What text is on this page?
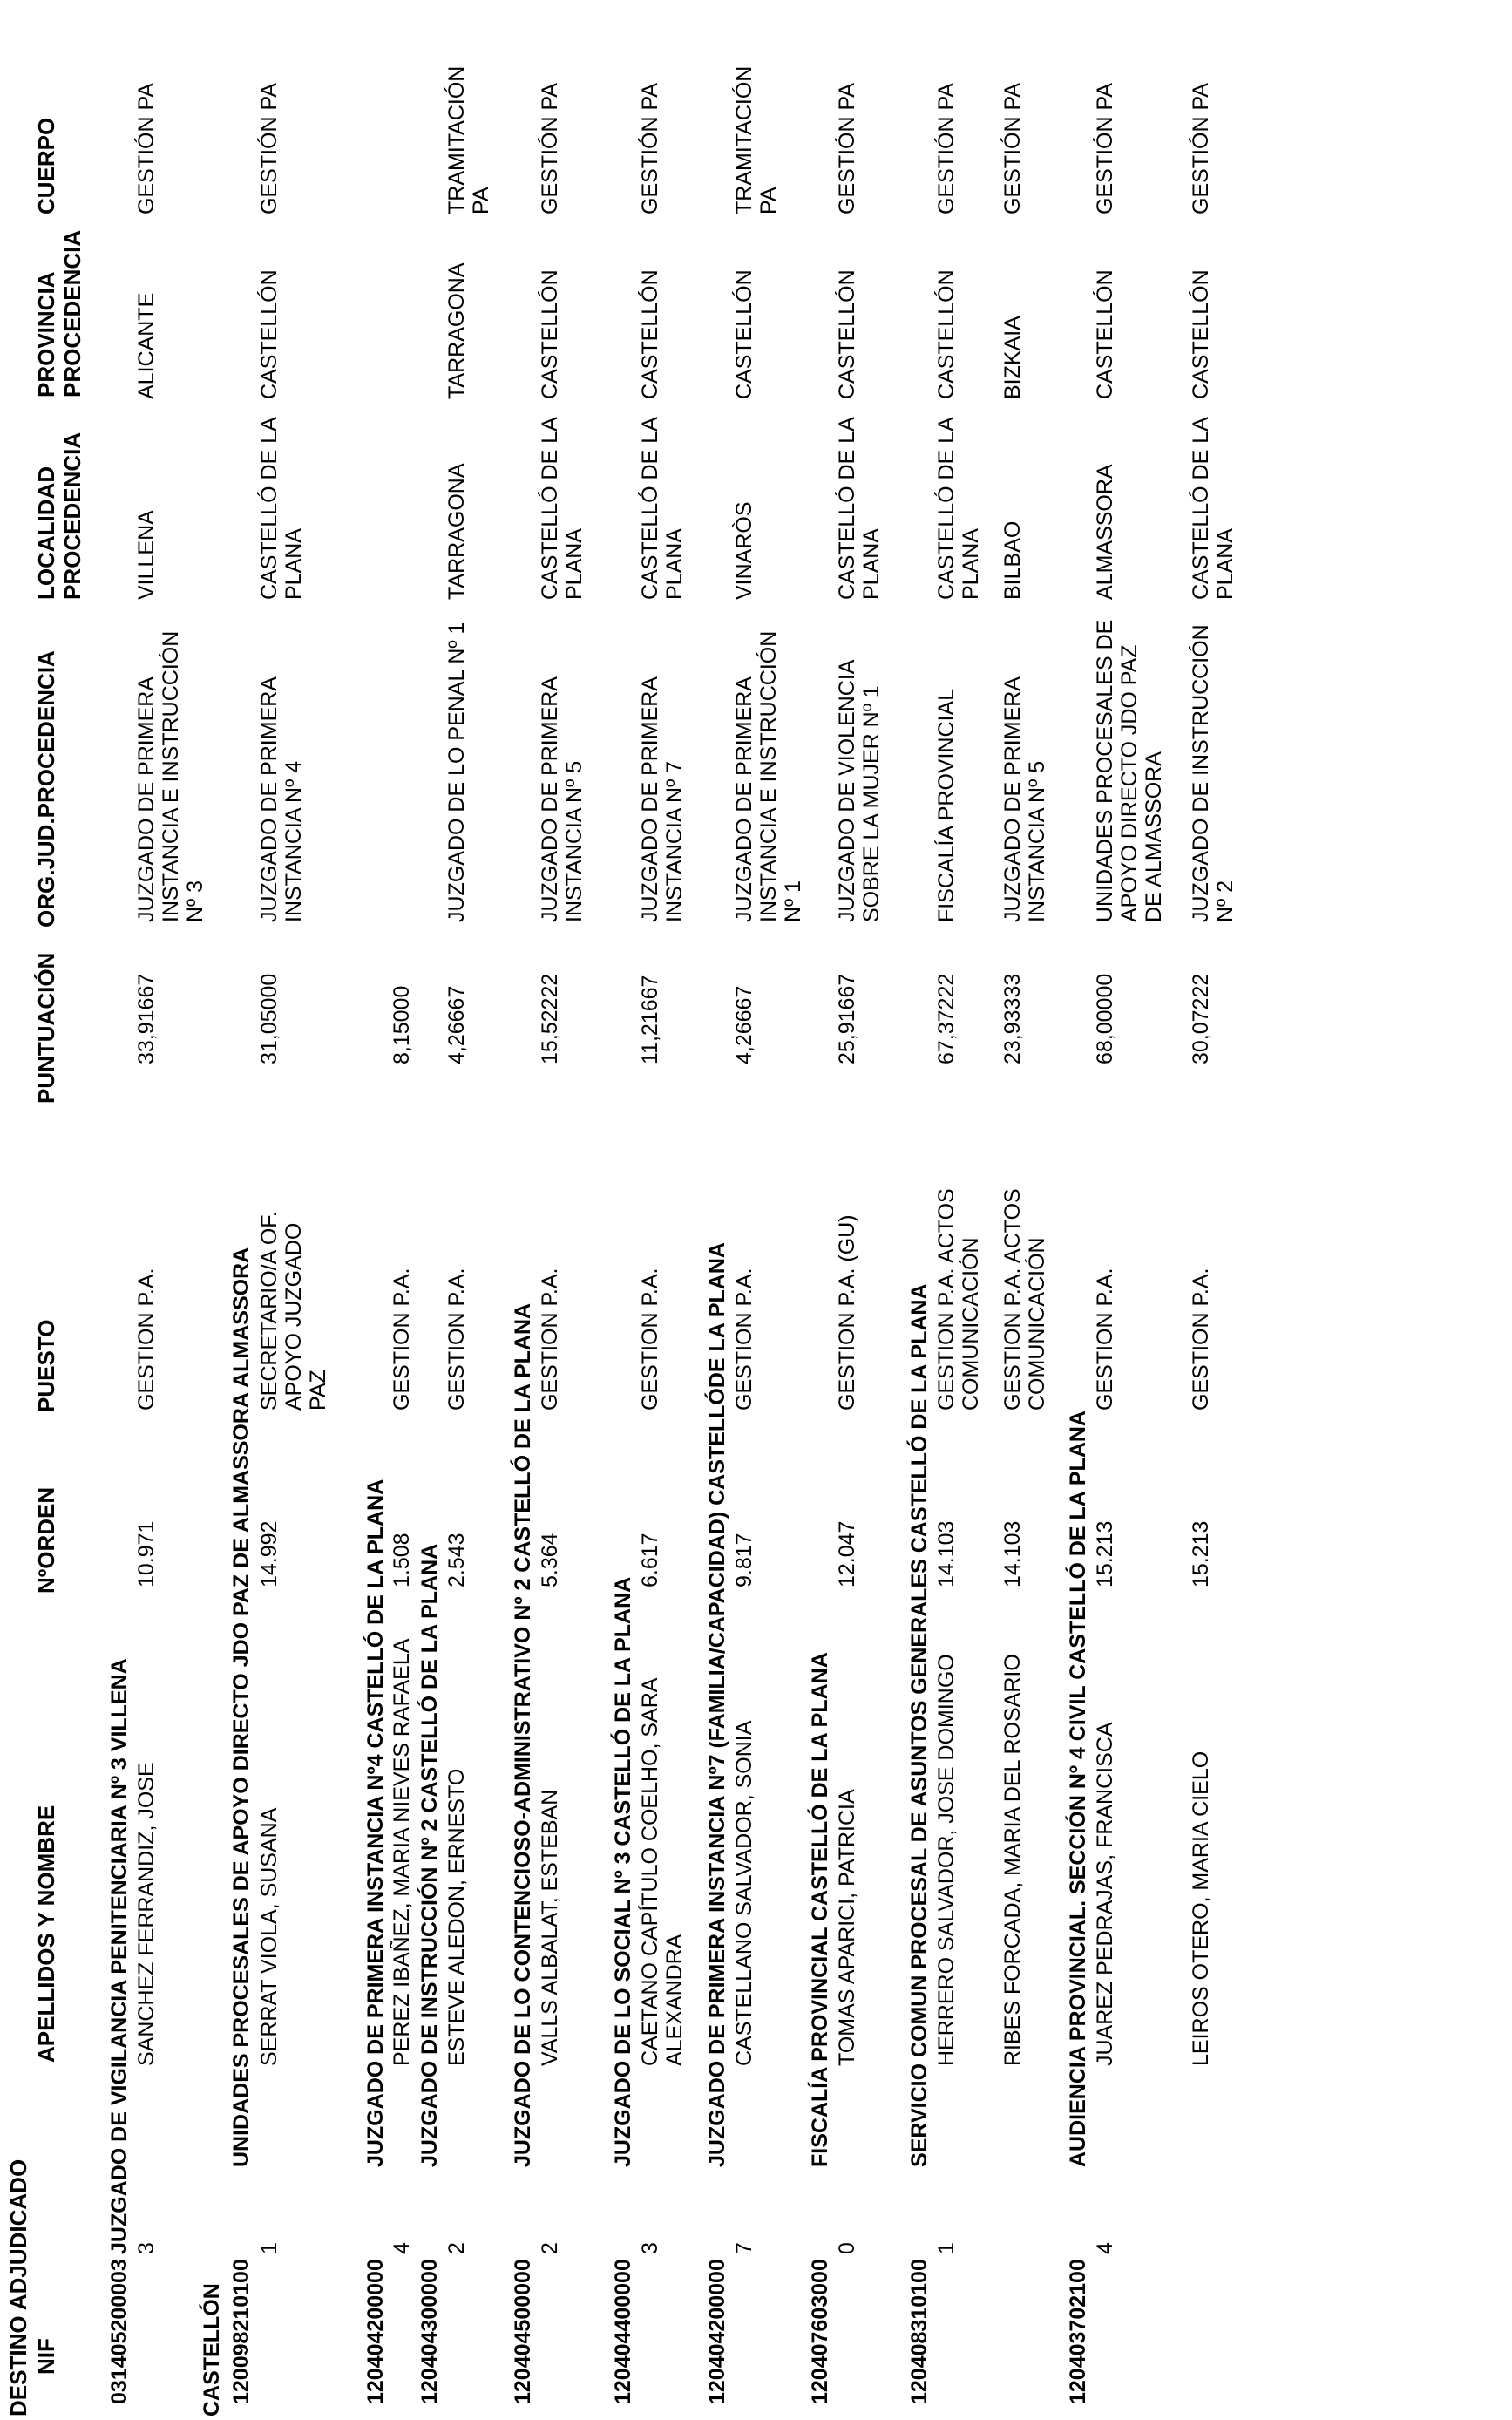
DESTINO ADJUDICADO NIF
APELLIDOS Y NOMBRE
NºORDEN
PUESTO
PUNTUACIÓN
ORG.JUD.PROCEDENCIA
LOCALIDAD PROCEDENCIA
PROVINCIA PROCEDENCIA
CUERPO
031405200003
JUZGADO DE VIGILANCIA PENITENCIARIA Nº 3 VILLENA 3
SANCHEZ FERRANDIZ, JOSE
10.971
GESTION P.A.
33,91667
JUZGADO DE PRIMERA INSTANCIA E INSTRUCCIÓN Nº 3
VILLENA
ALICANTE
GESTIÓN PA
CASTELLÓN 120098210100
UNIDADES PROCESALES DE APOYO DIRECTO JDO PAZ DE ALMASSORA ALMASSORA
1
SERRAT VIOLA, SUSANA
14.992
SECRETARIO/A OF. APOYO JUZGADO PAZ
31,05000
JUZGADO DE PRIMERA INSTANCIA Nº 4
CASTELLÓ DE LA PLANA
CASTELLÓN
GESTIÓN PA
120404200000
JUZGADO DE PRIMERA INSTANCIA Nº4 CASTELLÓ DE LA PLANA
4
PEREZ IBAÑEZ, MARIA NIEVES RAFAELA
1.508
GESTION P.A.
8,15000
120404300000
JUZGADO DE INSTRUCCIÓN Nº 2 CASTELLÓ DE LA PLANA
2
ESTEVE ALEDON, ERNESTO
2.543
GESTION P.A.
4,26667
JUZGADO DE LO PENAL Nº 1
TARRAGONA
TARRAGONA
TRAMITACIÓN PA
120404500000
JUZGADO DE LO CONTENCIOSO-ADMINISTRATIVO Nº 2 CASTELLÓ DE LA PLANA
2
VALLS ALBALAT, ESTEBAN
5.364
GESTION P.A.
15,52222
JUZGADO DE PRIMERA INSTANCIA Nº 5
CASTELLÓ DE LA PLANA
CASTELLÓN
GESTIÓN PA
120404400000
JUZGADO DE LO SOCIAL Nº 3 CASTELLÓ DE LA PLANA
3
CAETANO CAPÍTULO COELHO, SARA ALEXANDRA
6.617
GESTION P.A.
11,21667
JUZGADO DE PRIMERA INSTANCIA Nº 7
CASTELLÓ DE LA PLANA
CASTELLÓN
GESTIÓN PA
120404200000
JUZGADO DE PRIMERA INSTANCIA Nº7 (FAMILIA/CAPACIDAD) CASTELLÓDE LA PLANA
7
CASTELLANO SALVADOR, SONIA
9.817
GESTION P.A.
4,26667
JUZGADO DE PRIMERA INSTANCIA E INSTRUCCIÓN Nº 1
VINARÒS
CASTELLÓN
TRAMITACIÓN PA
120407603000
FISCALÍA PROVINCIAL CASTELLÓ DE LA PLANA
0
TOMAS APARICI, PATRICIA
12.047
GESTION P.A. (GU)
25,91667
JUZGADO DE VIOLENCIA SOBRE LA MUJER Nº 1
CASTELLÓ DE LA PLANA
CASTELLÓN
GESTIÓN PA
120408310100
SERVICIO COMUN PROCESAL DE ASUNTOS GENERALES CASTELLÓ DE LA PLANA
1
HERRERO SALVADOR, JOSE DOMINGO
14.103
GESTION P.A. ACTOS COMUNICACIÓN
67,37222
FISCALÍA PROVINCIAL
CASTELLÓ DE LA PLANA
CASTELLÓN
GESTIÓN PA
RIBES FORCADA, MARIA DEL ROSARIO
14.103
GESTION P.A. ACTOS COMUNICACIÓN
23,93333
JUZGADO DE PRIMERA INSTANCIA Nº 5
BILBAO
BIZKAIA
GESTIÓN PA
120403702100
AUDIENCIA PROVINCIAL. SECCIÓN Nº 4 CIVIL CASTELLÓ DE LA PLANA
4
JUAREZ PEDRAJAS, FRANCISCA
15.213
GESTION P.A.
68,00000
UNIDADES PROCESALES DE APOYO DIRECTO JDO PAZ DE ALMASSORA
ALMASSORA
CASTELLÓN
GESTIÓN PA
LEIROS OTERO, MARIA CIELO
15.213
GESTION P.A.
30,07222
JUZGADO DE INSTRUCCIÓN Nº 2
CASTELLÓ DE LA PLANA
CASTELLÓN
GESTIÓN PA
